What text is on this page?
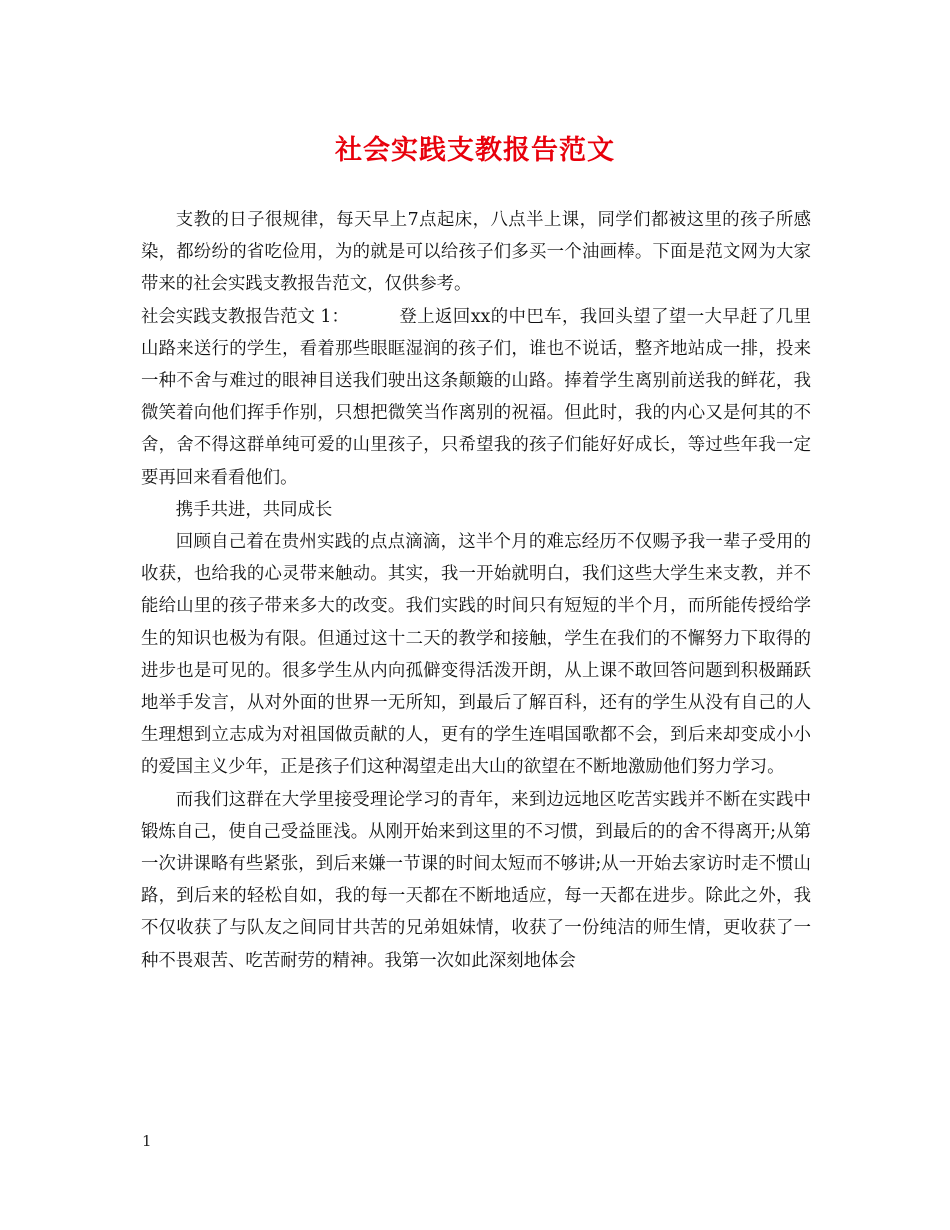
社会实践支教报告范文

支教的日子很规律，每天早上7点起床，八点半上课，同学们都被这里的孩子所感染，都纷纷的省吃俭用，为的就是可以给孩子们多买一个油画棒。下面是范文网为大家带来的社会实践支教报告范文，仅供参考。

社会实践支教报告范文 1：	登上返回xx的中巴车，我回头望了望一大早赶了几里山路来送行的学生，看着那些眼眶湿润的孩子们，谁也不说话，整齐地站成一排，投来一种不舍与难过的眼神目送我们驶出这条颠簸的山路。捧着学生离别前送我的鲜花，我微笑着向他们挥手作别，只想把微笑当作离别的祝福。但此时，我的内心又是何其的不舍，舍不得这群单纯可爱的山里孩子，只希望我的孩子们能好好成长，等过些年我一定要再回来看看他们。

携手共进，共同成长

回顾自己着在贵州实践的点点滴滴，这半个月的难忘经历不仅赐予我一辈子受用的收获，也给我的心灵带来触动。其实，我一开始就明白，我们这些大学生来支教，并不能给山里的孩子带来多大的改变。我们实践的时间只有短短的半个月，而所能传授给学生的知识也极为有限。但通过这十二天的教学和接触，学生在我们的不懈努力下取得的进步也是可见的。很多学生从内向孤僻变得活泼开朗，从上课不敢回答问题到积极踊跃地举手发言，从对外面的世界一无所知，到最后了解百科，还有的学生从没有自己的人生理想到立志成为对祖国做贡献的人，更有的学生连唱国歌都不会，到后来却变成小小的爱国主义少年，正是孩子们这种渴望走出大山的欲望在不断地激励他们努力学习。

而我们这群在大学里接受理论学习的青年，来到边远地区吃苦实践并不断在实践中锻炼自己，使自己受益匪浅。从刚开始来到这里的不习惯，到最后的的舍不得离开;从第一次讲课略有些紧张，到后来嫌一节课的时间太短而不够讲;从一开始去家访时走不惯山路，到后来的轻松自如，我的每一天都在不断地适应，每一天都在进步。除此之外，我不仅收获了与队友之间同甘共苦的兄弟姐妹情，收获了一份纯洁的师生情，更收获了一种不畏艰苦、吃苦耐劳的精神。我第一次如此深刻地体会

1
